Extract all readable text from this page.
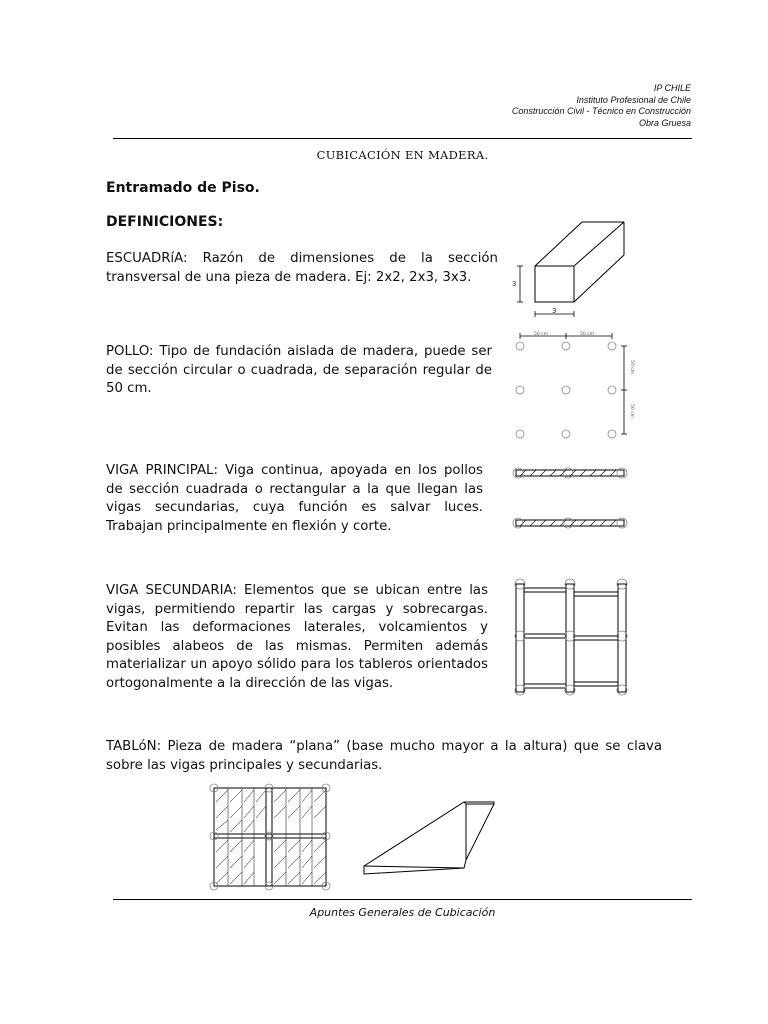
IP CHILE
Instituto Profesional de Chile
Construcción Civil - Técnico en Construcción
Obra Gruesa
CUBICACIÓN EN MADERA.
Entramado de Piso.
DEFINICIONES:
ESCUADRíA: Razón de dimensiones de la sección transversal de una pieza de madera. Ej: 2x2, 2x3, 3x3.
POLLO: Tipo de fundación aislada de madera, puede ser de sección circular o cuadrada, de separación regular de 50 cm.
VIGA PRINCIPAL: Viga continua, apoyada en los pollos de sección cuadrada o rectangular a la que llegan las vigas secundarias, cuya función es salvar luces. Trabajan principalmente en flexión y corte.
VIGA SECUNDARIA: Elementos que se ubican entre las vigas, permitiendo repartir las cargas y sobrecargas. Evitan las deformaciones laterales, volcamientos y posibles alabeos de las mismas. Permiten además materializar un apoyo sólido para los tableros orientados ortogonalmente a la dirección de las vigas.
TABLóN: Pieza de madera “plana” (base mucho mayor a la altura) que se clava sobre las vigas principales y secundarias.
3
3
50 cm	50 cm
50 cm
50 cm
Apuntes Generales de Cubicación
